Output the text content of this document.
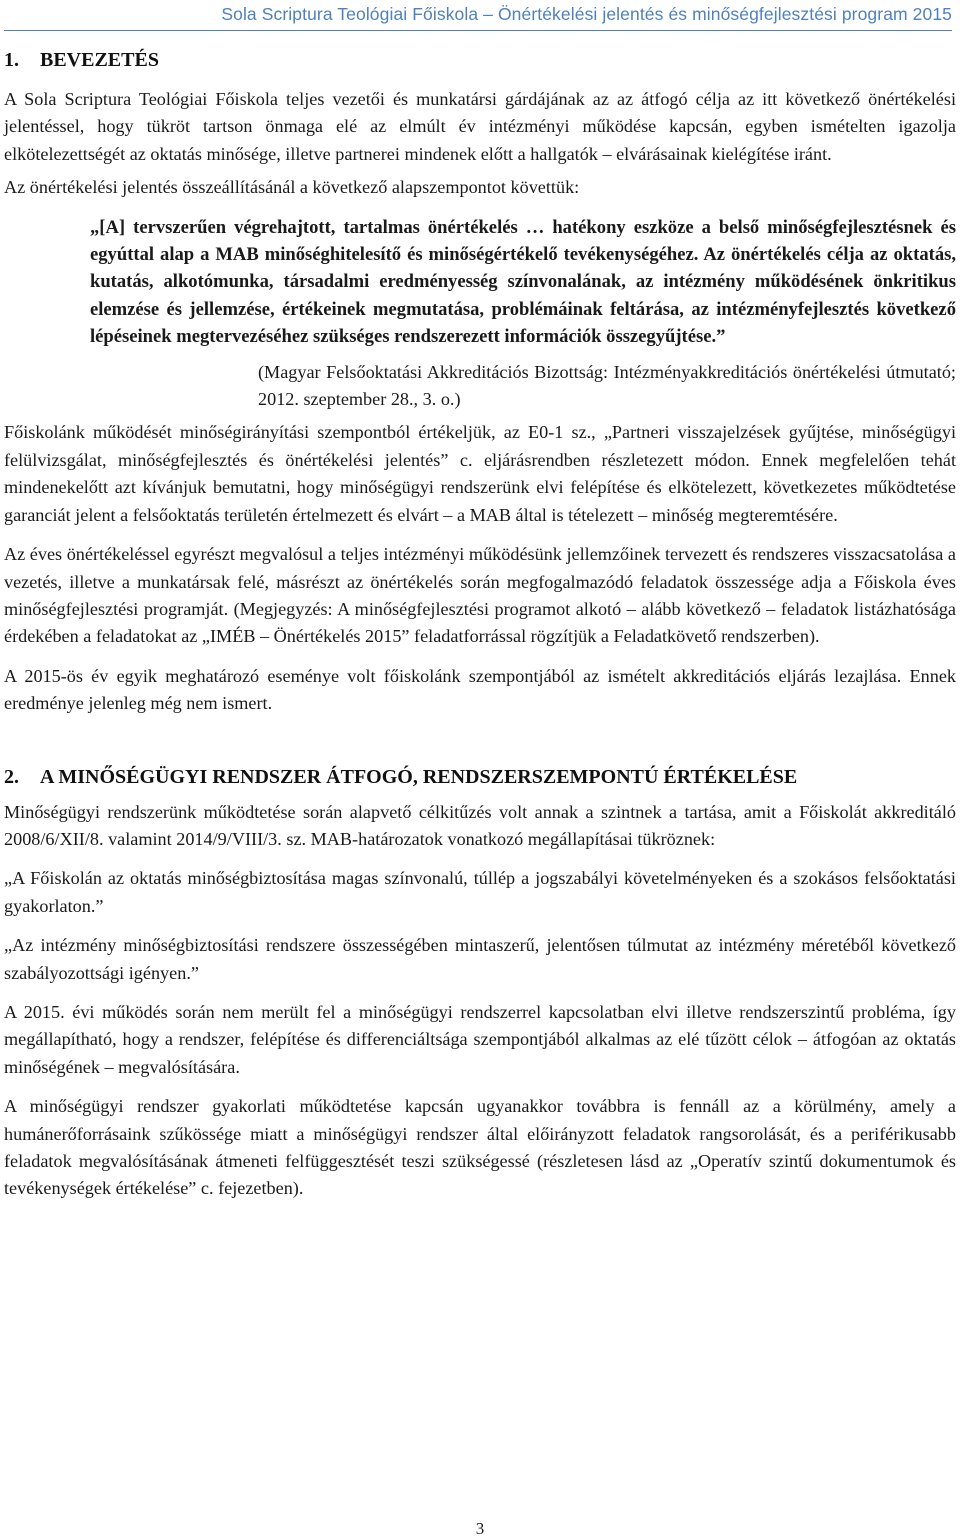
Sola Scriptura Teológiai Főiskola – Önértékelési jelentés és minőségfejlesztési program 2015
1. BEVEZETÉS

A Sola Scriptura Teológiai Főiskola teljes vezetői és munkatársi gárdájának az az átfogó célja az itt következő önértékelési jelentéssel, hogy tükröt tartson önmaga elé az elmúlt év intézményi működése kapcsán, egyben ismételten igazolja elkötelezettségét az oktatás minősége, illetve partnerei mindenek előtt a hallgatók – elvárásainak kielégítése iránt.

Az önértékelési jelentés összeállításánál a következő alapszempontot követtük:

„[A] tervszerűen végrehajtott, tartalmas önértékelés … hatékony eszköze a belső minőségfejlesztésnek és egyúttal alap a MAB minőséghitelesítő és minőségértékelő tevékenységéhez. Az önértékelés célja az oktatás, kutatás, alkotómunka, társadalmi eredményesség színvonalának, az intézmény működésének önkritikus elemzése és jellemzése, értékeinek megmutatása, problémáinak feltárása, az intézményfejlesztés következő lépéseinek megtervezéséhez szükséges rendszerezett információk összegyűjtése.”

(Magyar Felsőoktatási Akkreditációs Bizottság: Intézményakkreditációs önértékelési útmutató; 2012. szeptember 28., 3. o.)

Főiskolánk működését minőségirányítási szempontból értékeljük, az E0-1 sz., „Partneri visszajelzések gyűjtése, minőségügyi felülvizsgálat, minőségfejlesztés és önértékelési jelentés” c. eljárásrendben részletezett módon. Ennek megfelelően tehát mindenekelőtt azt kívánjuk bemutatni, hogy minőségügyi rendszerünk elvi felépítése és elkötelezett, következetes működtetése garanciát jelent a felsőoktatás területén értelmezett és elvárt – a MAB által is tételezett – minőség megteremtésére.

Az éves önértékeléssel egyrészt megvalósul a teljes intézményi működésünk jellemzőinek tervezett és rendszeres visszacsatolása a vezetés, illetve a munkatársak felé, másrészt az önértékelés során megfogalmazódó feladatok összessége adja a Főiskola éves minőségfejlesztési programját. (Megjegyzés: A minőségfejlesztési programot alkotó – alább következő – feladatok listázhatósága érdekében a feladatokat az „IMÉB – Önértékelés 2015” feladatforrással rögzítjük a Feladatkövető rendszerben).

A 2015-ös év egyik meghatározó eseménye volt főiskolánk szempontjából az ismételt akkreditációs eljárás lezajlása. Ennek eredménye jelenleg még nem ismert.

2. A MINŐSÉGÜGYI RENDSZER ÁTFOGÓ, RENDSZERSZEMPONTÚ ÉRTÉKELÉSE

Minőségügyi rendszerünk működtetése során alapvető célkitűzés volt annak a szintnek a tartása, amit a Főiskolát akkreditáló 2008/6/XII/8. valamint 2014/9/VIII/3. sz. MAB-határozatok vonatkozó megállapításai tükröznek:

„A Főiskolán az oktatás minőségbiztosítása magas színvonalú, túllép a jogszabályi követelményeken és a szokásos felsőoktatási gyakorlaton.”

„Az intézmény minőségbiztosítási rendszere összességében mintaszerű, jelentősen túlmutat az intézmény méretéből következő szabályozottsági igényen.”

A 2015. évi működés során nem merült fel a minőségügyi rendszerrel kapcsolatban elvi illetve rendszerszintű probléma, így megállapítható, hogy a rendszer, felépítése és differenciáltsága szempontjából alkalmas az elé tűzött célok – átfogóan az oktatás minőségének – megvalósítására.

A minőségügyi rendszer gyakorlati működtetése kapcsán ugyanakkor továbbra is fennáll az a körülmény, amely a humánerőforrásaink szűkössége miatt a minőségügyi rendszer által előirányzott feladatok rangsorolását, és a periférikusabb feladatok megvalósításának átmeneti felfüggesztését teszi szükségessé (részletesen lásd az „Operatív szintű dokumentumok és tevékenységek értékelése” c. fejezetben).

3
